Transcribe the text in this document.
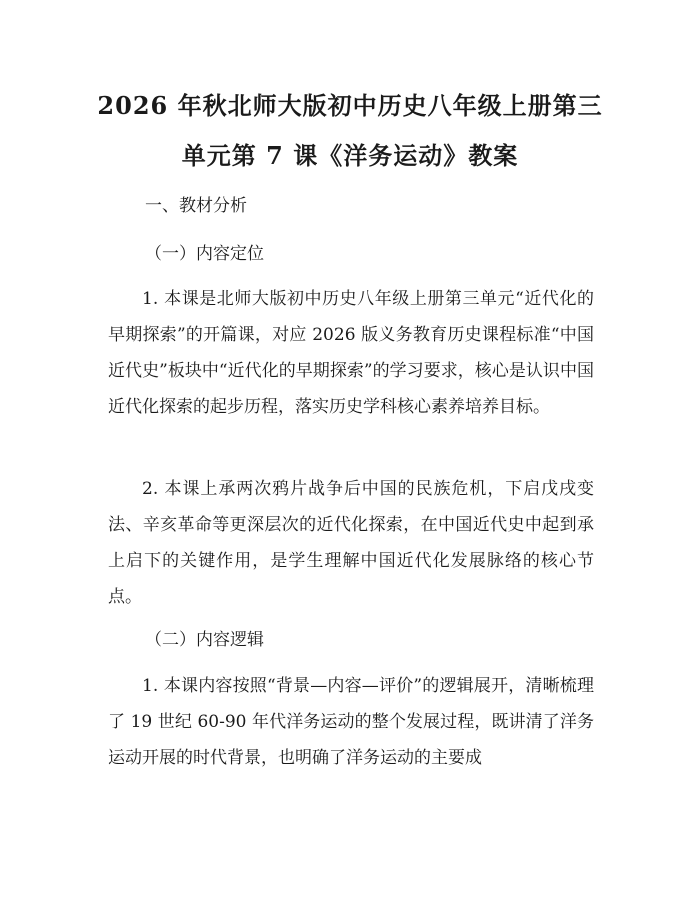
2026 年秋北师大版初中历史八年级上册第三
单元第 7 课《洋务运动》教案
一、教材分析
（一）内容定位

1. 本课是北师大版初中历史八年级上册第三单元“近代化的早期探索”的开篇课，对应 2026 版义务教育历史课程标准“中国近代史”板块中“近代化的早期探索”的学习要求，核心是认识中国近代化探索的起步历程，落实历史学科核心素养培养目标。

2. 本课上承两次鸦片战争后中国的民族危机，下启戊戌变法、辛亥革命等更深层次的近代化探索，在中国近代史中起到承上启下的关键作用，是学生理解中国近代化发展脉络的核心节点。

（二）内容逻辑

1. 本课内容按照“背景—内容—评价”的逻辑展开，清晰梳理了 19 世纪 60-90 年代洋务运动的整个发展过程，既讲清了洋务运动开展的时代背景，也明确了洋务运动的主要成
